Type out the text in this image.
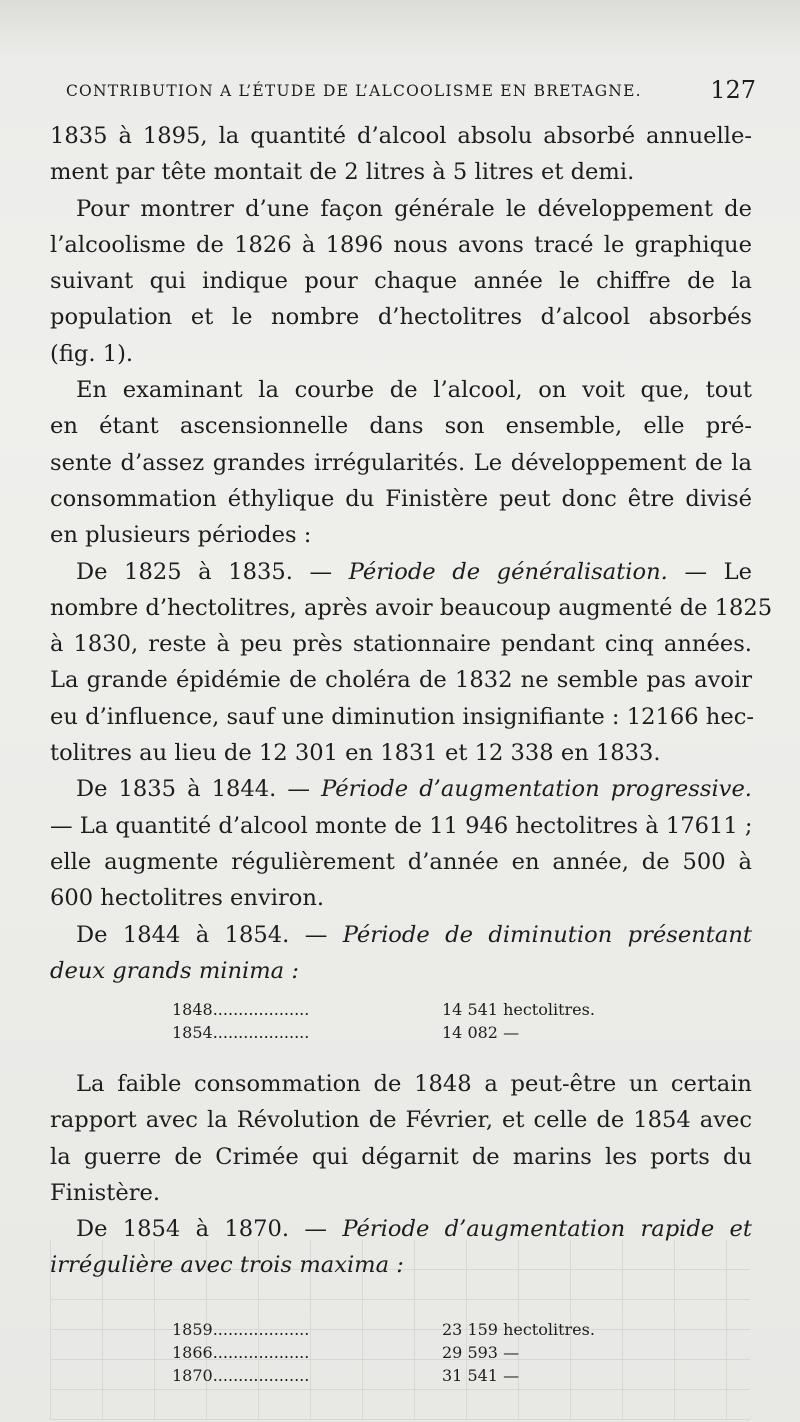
CONTRIBUTION A L’ÉTUDE DE L’ALCOOLISME EN BRETAGNE.	127
1835 à 1895, la quantité d’alcool absolu absorbé annuelle-
ment par tête montait de 2 litres à 5 litres et demi.
Pour montrer d’une façon générale le développement de
l’alcoolisme de 1826 à 1896 nous avons tracé le graphique
suivant qui indique pour chaque année le chiffre de la
population et le nombre d’hectolitres d’alcool absorbés
(fig. 1).
En examinant la courbe de l’alcool, on voit que, tout
en étant ascensionnelle dans son ensemble, elle pré-
sente d’assez grandes irrégularités. Le développement de la
consommation éthylique du Finistère peut donc être divisé
en plusieurs périodes :
De 1825 à 1835. — Période de généralisation. — Le
nombre d’hectolitres, après avoir beaucoup augmenté de 1825
à 1830, reste à peu près stationnaire pendant cinq années.
La grande épidémie de choléra de 1832 ne semble pas avoir
eu d’influence, sauf une diminution insignifiante : 12166 hec-
tolitres au lieu de 12 301 en 1831 et 12 338 en 1833.
De 1835 à 1844. — Période d’augmentation progressive.
— La quantité d’alcool monte de 11 946 hectolitres à 17611 ;
elle augmente régulièrement d’année en année, de 500 à
600 hectolitres environ.
De 1844 à 1854. — Période de diminution présentant
deux grands minima :
1848...................	14 541 hectolitres.
1854...................	14 082 —
La faible consommation de 1848 a peut-être un certain
rapport avec la Révolution de Février, et celle de 1854 avec
la guerre de Crimée qui dégarnit de marins les ports du
Finistère.
De 1854 à 1870. — Période d’augmentation rapide et
irrégulière avec trois maxima :
1859...................	23 159 hectolitres.
1866...................	29 593 —
1870...................	31 541 —
